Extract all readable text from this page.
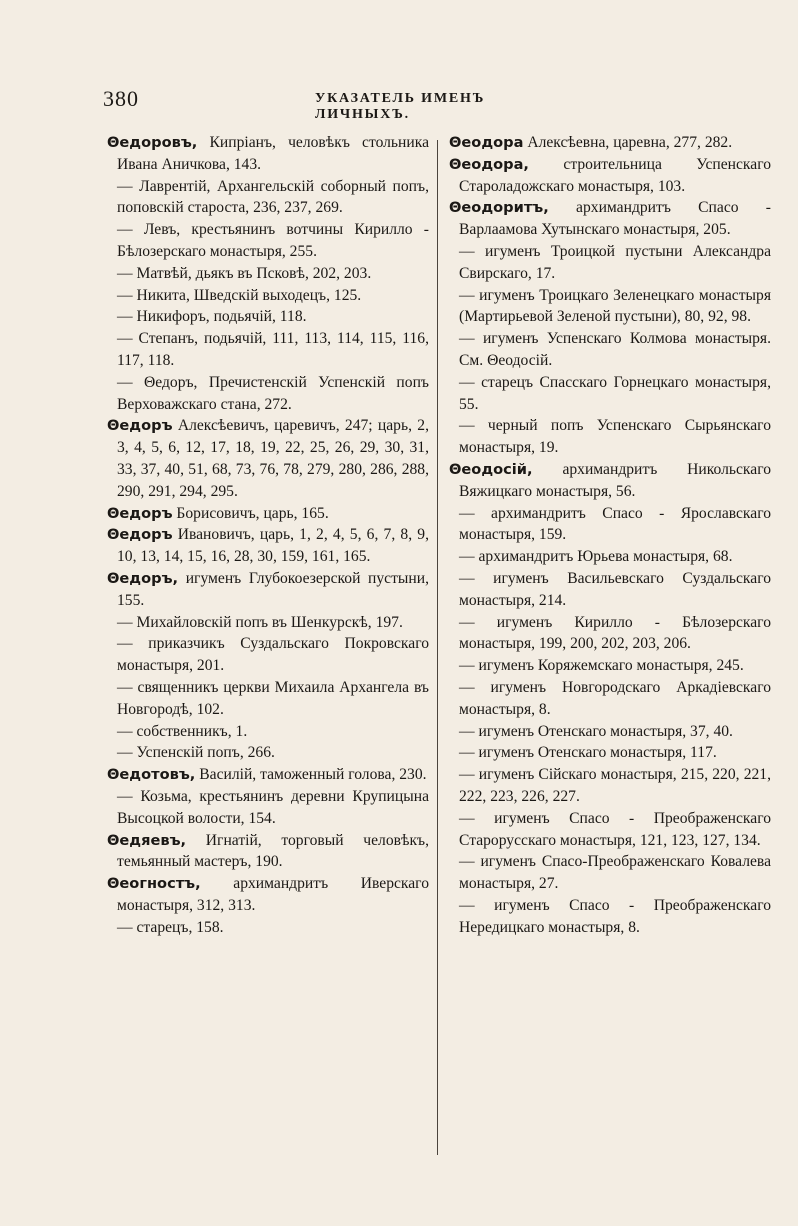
380	УКАЗАТЕЛЬ ИМЕНЪ ЛИЧНЫХЪ.
Θедоровъ, Кипріанъ, человѣкъ стольника Ивана Аничкова, 143.
— Лаврентій, Архангельскій соборный попъ, поповскій староста, 236, 237, 269.
— Левъ, крестьянинъ вотчины Кирилло - Бѣлозерскаго монастыря, 255.
— Матвѣй, дьякъ въ Псковѣ, 202, 203.
— Никита, Шведскій выходецъ, 125.
— Никифоръ, подьячій, 118.
— Степанъ, подьячій, 111, 113, 114, 115, 116, 117, 118.
— Θедоръ, Пречистенскій Успенскій попъ Верховажскаго стана, 272.
Θедоръ Алексѣевичъ, царевичъ, 247; царь, 2, 3, 4, 5, 6, 12, 17, 18, 19, 22, 25, 26, 29, 30, 31, 33, 37, 40, 51, 68, 73, 76, 78, 279, 280, 286, 288, 290, 291, 294, 295.
Θедоръ Борисовичъ, царь, 165.
Θедоръ Ивановичъ, царь, 1, 2, 4, 5, 6, 7, 8, 9, 10, 13, 14, 15, 16, 28, 30, 159, 161, 165.
Θедоръ, игуменъ Глубокоезерской пустыни, 155.
— Михайловскій попъ въ Шенкурскѣ, 197.
— приказчикъ Суздальскаго Покровскаго монастыря, 201.
— священникъ церкви Михаила Архангела въ Новгородѣ, 102.
— собственникъ, 1.
— Успенскій попъ, 266.
Θедотовъ, Василій, таможенный голова, 230.
— Козьма, крестьянинъ деревни Крупицына Высоцкой волости, 154.
Θедяевъ, Игнатій, торговый человѣкъ, темьянный мастеръ, 190.
Θеогностъ, архимандритъ Иверскаго монастыря, 312, 313.
— старецъ, 158.
Θеодора Алексѣевна, царевна, 277, 282.
Θеодора, строительница Успенскаго Староладожскаго монастыря, 103.
Θеодоритъ, архимандритъ Спасо - Варлаамова Хутынскаго монастыря, 205.
— игуменъ Троицкой пустыни Александра Свирскаго, 17.
— игуменъ Троицкаго Зеленецкаго монастыря (Мартирьевой Зеленой пустыни), 80, 92, 98.
— игуменъ Успенскаго Колмова монастыря. См. Θеодосій.
— старецъ Спасскаго Горнецкаго монастыря, 55.
— черный попъ Успенскаго Сырьянскаго монастыря, 19.
Θеодосій, архимандритъ Никольскаго Вяжицкаго монастыря, 56.
— архимандритъ Спасо - Ярославскаго монастыря, 159.
— архимандритъ Юрьева монастыря, 68.
— игуменъ Васильевскаго Суздальскаго монастыря, 214.
— игуменъ Кирилло - Бѣлозерскаго монастыря, 199, 200, 202, 203, 206.
— игуменъ Коряжемскаго монастыря, 245.
— игуменъ Новгородскаго Аркадіевскаго монастыря, 8.
— игуменъ Отенскаго монастыря, 37, 40.
— игуменъ Отенскаго монастыря, 117.
— игуменъ Сійскаго монастыря, 215, 220, 221, 222, 223, 226, 227.
— игуменъ Спасо - Преображенскаго Старорусскаго монастыря, 121, 123, 127, 134.
— игуменъ Спасо-Преображенскаго Ковалева монастыря, 27.
— игуменъ Спасо - Преображенскаго Нередицкаго монастыря, 8.
